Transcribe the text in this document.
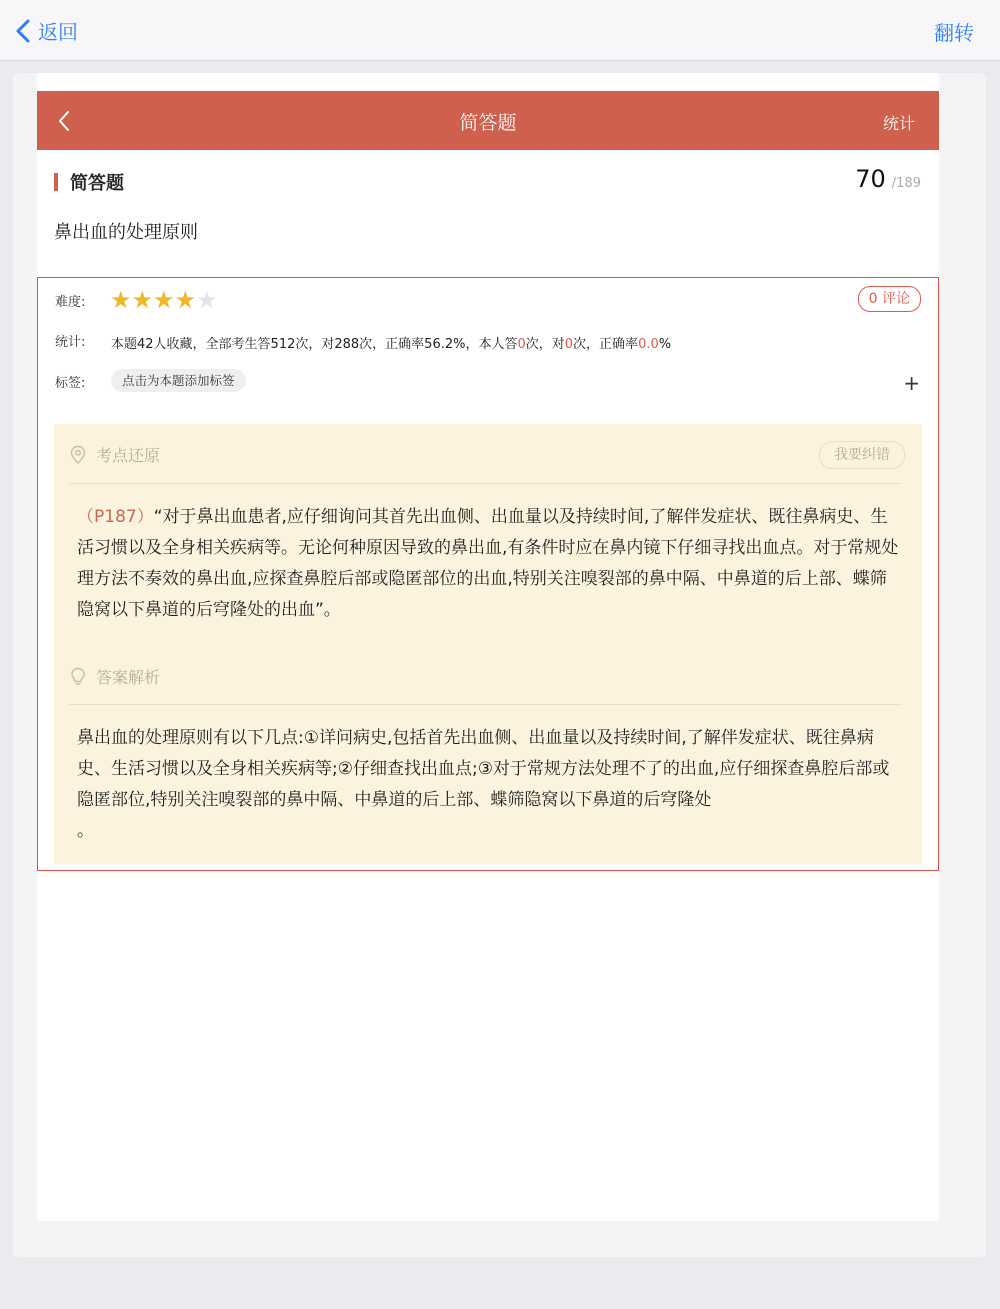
返回	翻转
简答题	统计
简答题	70 /189
鼻出血的处理原则
难度: ★ ★ ★ ★ ★	0 评论
统计: 本题42人收藏，全部考生答512次，对288次，正确率56.2%，本人答0次，对0次，正确率0.0%
标签:	点击为本题添加标签	+
考点还原	我要纠错
（P187）“对于鼻出血患者,应仔细询问其首先出血侧、出血量以及持续时间,了解伴发症状、既往鼻病史、生活习惯以及全身相关疾病等。无论何种原因导致的鼻出血,有条件时应在鼻内镜下仔细寻找出血点。对于常规处理方法不奏效的鼻出血,应探查鼻腔后部或隐匿部位的出血,特别关注嗅裂部的鼻中隔、中鼻道的后上部、蝶筛隐窝以下鼻道的后穹隆处的出血”。
答案解析
鼻出血的处理原则有以下几点:①详问病史,包括首先出血侧、出血量以及持续时间,了解伴发症状、既往鼻病史、生活习惯以及全身相关疾病等;②仔细查找出血点;③对于常规方法处理不了的出血,应仔细探查鼻腔后部或隐匿部位,特别关注嗅裂部的鼻中隔、中鼻道的后上部、蝶筛隐窝以下鼻道的后穹隆处
。
